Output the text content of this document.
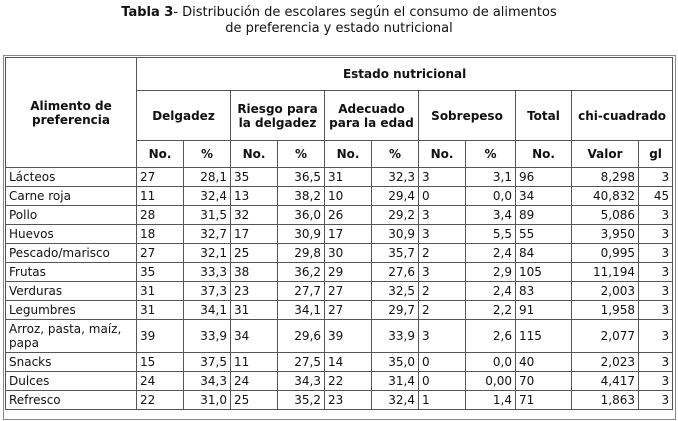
Tabla 3- Distribución de escolares según el consumo de alimentos
de preferencia y estado nutricional
Alimento de preferencia	Estado nutricional										
	Delgadez		Riesgo para la delgadez		Adecuado para la edad		Sobrepeso		Total	chi-cuadrado	
	No.	%	No.	%	No.	%	No.	%	No.	Valor	gl
Lácteos	27	28,1	35	36,5	31	32,3	3	3,1	96	8,298	3
Carne roja	11	32,4	13	38,2	10	29,4	0	0,0	34	40,832	45
Pollo	28	31,5	32	36,0	26	29,2	3	3,4	89	5,086	3
Huevos	18	32,7	17	30,9	17	30,9	3	5,5	55	3,950	3
Pescado/marisco	27	32,1	25	29,8	30	35,7	2	2,4	84	0,995	3
Frutas	35	33,3	38	36,2	29	27,6	3	2,9	105	11,194	3
Verduras	31	37,3	23	27,7	27	32,5	2	2,4	83	2,003	3
Legumbres	31	34,1	31	34,1	27	29,7	2	2,2	91	1,958	3
Arroz, pasta, maíz, papa	39	33,9	34	29,6	39	33,9	3	2,6	115	2,077	3
Snacks	15	37,5	11	27,5	14	35,0	0	0,0	40	2,023	3
Dulces	24	34,3	24	34,3	22	31,4	0	0,00	70	4,417	3
Refresco	22	31,0	25	35,2	23	32,4	1	1,4	71	1,863	3
